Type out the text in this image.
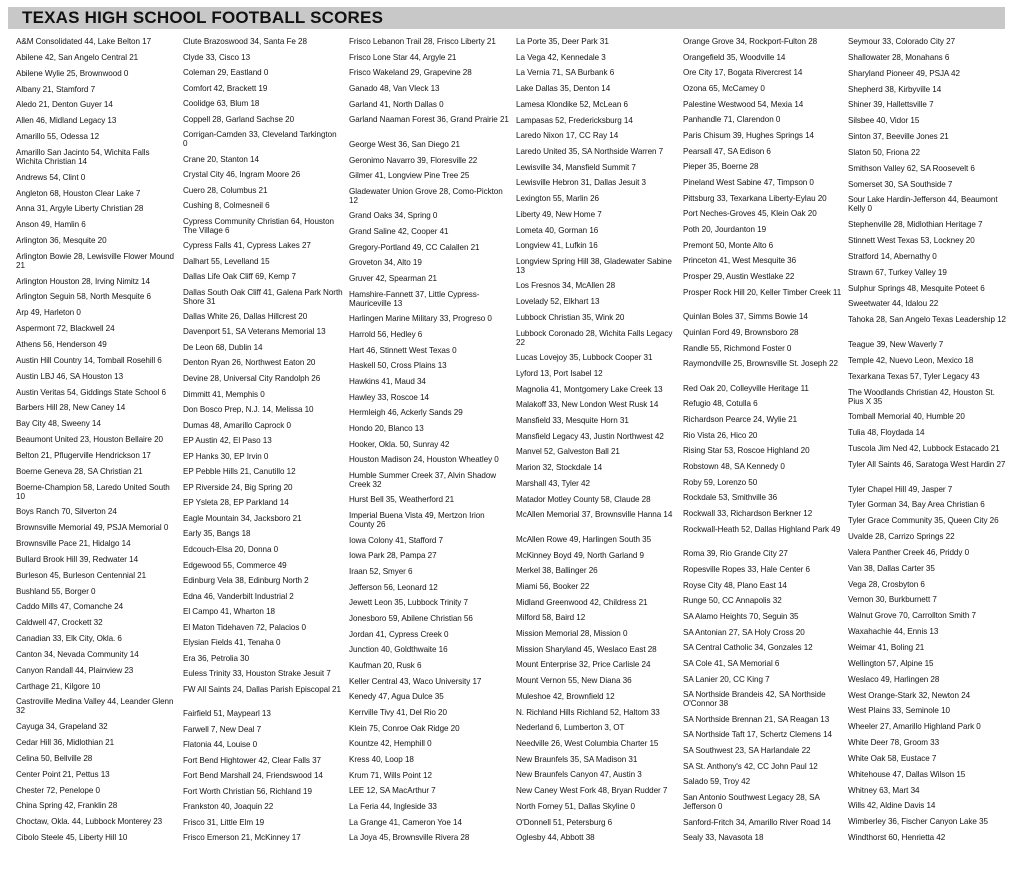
TEXAS HIGH SCHOOL FOOTBALL SCORES
A&M Consolidated 44, Lake Belton 17
Abilene 42, San Angelo Central 21
Abilene Wylie 25, Brownwood 0
Albany 21, Stamford 7
Aledo 21, Denton Guyer 14
Allen 46, Midland Legacy 13
Amarillo 55, Odessa 12
Amarillo San Jacinto 54, Wichita Falls Wichita Christian 14
Andrews 54, Clint 0
Angleton 68, Houston Clear Lake 7
Anna 31, Argyle Liberty Christian 28
Anson 49, Hamlin 6
Arlington 36, Mesquite 20
Arlington Bowie 28, Lewisville Flower Mound 21
Arlington Houston 28, Irving Nimitz 14
Arlington Seguin 58, North Mesquite 6
Arp 49, Harleton 0
Aspermont 72, Blackwell 24
Athens 56, Henderson 49
Austin Hill Country 14, Tomball Rosehill 6
Austin LBJ 46, SA Houston 13
Austin Veritas 54, Giddings State School 6
Barbers Hill 28, New Caney 14
Bay City 48, Sweeny 14
Beaumont United 23, Houston Bellaire 20
Belton 21, Pflugerville Hendrickson 17
Boerne Geneva 28, SA Christian 21
Boerne-Champion 58, Laredo United South 10
Boys Ranch 70, Silverton 24
Brownsville Memorial 49, PSJA Memorial 0
Brownsville Pace 21, Hidalgo 14
Bullard Brook Hill 39, Redwater 14
Burleson 45, Burleson Centennial 21
Bushland 55, Borger 0
Caddo Mills 47, Comanche 24
Caldwell 47, Crockett 32
Canadian 33, Elk City, Okla. 6
Canton 34, Nevada Community 14
Canyon Randall 44, Plainview 23
Carthage 21, Kilgore 10
Castroville Medina Valley 44, Leander Glenn 32
Cayuga 34, Grapeland 32
Cedar Hill 36, Midlothian 21
Celina 50, Bellville 28
Center Point 21, Pettus 13
Chester 72, Penelope 0
China Spring 42, Franklin 28
Choctaw, Okla. 44, Lubbock Monterey 23
Cibolo Steele 45, Liberty Hill 10
Clute Brazoswood 34, Santa Fe 28
Clyde 33, Cisco 13
Coleman 29, Eastland 0
Comfort 42, Brackett 19
Coolidge 63, Blum 18
Coppell 28, Garland Sachse 20
Corrigan-Camden 33, Cleveland Tarkington 0
Crane 20, Stanton 14
Crystal City 46, Ingram Moore 26
Cuero 28, Columbus 21
Cushing 8, Colmesneil 6
Cypress Community Christian 64, Houston The Village 6
Cypress Falls 41, Cypress Lakes 27
Dalhart 55, Levelland 15
Dallas Life Oak Cliff 69, Kemp 7
Dallas South Oak Cliff 41, Galena Park North Shore 31
Dallas White 26, Dallas Hillcrest 20
Davenport 51, SA Veterans Memorial 13
De Leon 68, Dublin 14
Denton Ryan 26, Northwest Eaton 20
Devine 28, Universal City Randolph 26
Dimmitt 41, Memphis 0
Don Bosco Prep, N.J. 14, Melissa 10
Dumas 48, Amarillo Caprock 0
EP Austin 42, El Paso 13
EP Hanks 30, EP Irvin 0
EP Pebble Hills 21, Canutillo 12
EP Riverside 24, Big Spring 20
EP Ysleta 28, EP Parkland 14
Eagle Mountain 34, Jacksboro 21
Early 35, Bangs 18
Edcouch-Elsa 20, Donna 0
Edgewood 55, Commerce 49
Edinburg Vela 38, Edinburg North 2
Edna 46, Vanderbilt Industrial 2
El Campo 41, Wharton 18
El Maton Tidehaven 72, Palacios 0
Elysian Fields 41, Tenaha 0
Era 36, Petrolia 30
Euless Trinity 33, Houston Strake Jesuit 7
FW All Saints 24, Dallas Parish Episcopal 21
Fairfield 51, Maypearl 13
Farwell 7, New Deal 7
Flatonia 44, Louise 0
Fort Bend Hightower 42, Clear Falls 37
Fort Bend Marshall 24, Friendswood 14
Fort Worth Christian 56, Richland 19
Frankston 40, Joaquin 22
Frisco 31, Little Elm 19
Frisco Emerson 21, McKinney 17
Frisco Lebanon Trail 28, Frisco Liberty 21
Frisco Lone Star 44, Argyle 21
Frisco Wakeland 29, Grapevine 28
Ganado 48, Van Vleck 13
Garland 41, North Dallas 0
Garland Naaman Forest 36, Grand Prairie 21
George West 36, San Diego 21
Geronimo Navarro 39, Floresville 22
Gilmer 41, Longview Pine Tree 25
Gladewater Union Grove 28, Como-Pickton 12
Grand Oaks 34, Spring 0
Grand Saline 42, Cooper 41
Gregory-Portland 49, CC Calallen 21
Groveton 34, Alto 19
Gruver 42, Spearman 21
Hamshire-Fannett 37, Little Cypress-Mauriceville 13
Harlingen Marine Military 33, Progreso 0
Harrold 56, Hedley 6
Hart 46, Stinnett West Texas 0
Haskell 50, Cross Plains 13
Hawkins 41, Maud 34
Hawley 33, Roscoe 14
Hermleigh 46, Ackerly Sands 29
Hondo 20, Blanco 13
Hooker, Okla. 50, Sunray 42
Houston Madison 24, Houston Wheatley 0
Humble Summer Creek 37, Alvin Shadow Creek 32
Hurst Bell 35, Weatherford 21
Imperial Buena Vista 49, Mertzon Irion County 26
Iowa Colony 41, Stafford 7
Iowa Park 28, Pampa 27
Iraan 52, Smyer 6
Jefferson 56, Leonard 12
Jewett Leon 35, Lubbock Trinity 7
Jonesboro 59, Abilene Christian 56
Jordan 41, Cypress Creek 0
Junction 40, Goldthwaite 16
Kaufman 20, Rusk 6
Keller Central 43, Waco University 17
Kenedy 47, Agua Dulce 35
Kerrville Tivy 41, Del Rio 20
Klein 75, Conroe Oak Ridge 20
Kountze 42, Hemphill 0
Kress 40, Loop 18
Krum 71, Wills Point 12
LEE 12, SA MacArthur 7
La Feria 44, Ingleside 33
La Grange 41, Cameron Yoe 14
La Joya 45, Brownsville Rivera 28
La Porte 35, Deer Park 31
La Vega 42, Kennedale 3
La Vernia 71, SA Burbank 6
Lake Dallas 35, Denton 14
Lamesa Klondike 52, McLean 6
Lampasas 52, Fredericksburg 14
Laredo Nixon 17, CC Ray 14
Laredo United 35, SA Northside Warren 7
Lewisville 34, Mansfield Summit 7
Lewisville Hebron 31, Dallas Jesuit 3
Lexington 55, Marlin 26
Liberty 49, New Home 7
Lometa 40, Gorman 16
Longview 41, Lufkin 16
Longview Spring Hill 38, Gladewater Sabine 13
Los Fresnos 34, McAllen 28
Lovelady 52, Elkhart 13
Lubbock Christian 35, Wink 20
Lubbock Coronado 28, Wichita Falls Legacy 22
Lucas Lovejoy 35, Lubbock Cooper 31
Lyford 13, Port Isabel 12
Magnolia 41, Montgomery Lake Creek 13
Malakoff 33, New London West Rusk 14
Mansfield 33, Mesquite Horn 31
Mansfield Legacy 43, Justin Northwest 42
Manvel 52, Galveston Ball 21
Marion 32, Stockdale 14
Marshall 43, Tyler 42
Matador Motley County 58, Claude 28
McAllen Memorial 37, Brownsville Hanna 14
McAllen Rowe 49, Harlingen South 35
McKinney Boyd 49, North Garland 9
Merkel 38, Ballinger 26
Miami 56, Booker 22
Midland Greenwood 42, Childress 21
Milford 58, Baird 12
Mission Memorial 28, Mission 0
Mission Sharyland 45, Weslaco East 28
Mount Enterprise 32, Price Carlisle 24
Mount Vernon 55, New Diana 36
Muleshoe 42, Brownfield 12
N. Richland Hills Richland 52, Haltom 33
Nederland 6, Lumberton 3, OT
Needville 26, West Columbia Charter 15
New Braunfels 35, SA Madison 31
New Braunfels Canyon 47, Austin 3
New Caney West Fork 48, Bryan Rudder 7
North Forney 51, Dallas Skyline 0
O'Donnell 51, Petersburg 6
Oglesby 44, Abbott 38
Orange Grove 34, Rockport-Fulton 28
Orangefield 35, Woodville 14
Ore City 17, Bogata Rivercrest 14
Ozona 65, McCamey 0
Palestine Westwood 54, Mexia 14
Panhandle 71, Clarendon 0
Paris Chisum 39, Hughes Springs 14
Pearsall 47, SA Edison 6
Pieper 35, Boerne 28
Pineland West Sabine 47, Timpson 0
Pittsburg 33, Texarkana Liberty-Eylau 20
Port Neches-Groves 45, Klein Oak 20
Poth 20, Jourdanton 19
Premont 50, Monte Alto 6
Princeton 41, West Mesquite 36
Prosper 29, Austin Westlake 22
Prosper Rock Hill 20, Keller Timber Creek 11
Quinlan Boles 37, Simms Bowie 14
Quinlan Ford 49, Brownsboro 28
Randle 55, Richmond Foster 0
Raymondville 25, Brownsville St. Joseph 22
Red Oak 20, Colleyville Heritage 11
Refugio 48, Cotulla 6
Richardson Pearce 24, Wylie 21
Rio Vista 26, Hico 20
Rising Star 53, Roscoe Highland 20
Robstown 48, SA Kennedy 0
Roby 59, Lorenzo 50
Rockdale 53, Smithville 36
Rockwall 33, Richardson Berkner 12
Rockwall-Heath 52, Dallas Highland Park 49
Roma 39, Rio Grande City 27
Ropesville Ropes 33, Hale Center 6
Royse City 48, Plano East 14
Runge 50, CC Annapolis 32
SA Alamo Heights 70, Seguin 35
SA Antonian 27, SA Holy Cross 20
SA Central Catholic 34, Gonzales 12
SA Cole 41, SA Memorial 6
SA Lanier 20, CC King 7
SA Northside Brandeis 42, SA Northside O'Connor 38
SA Northside Brennan 21, SA Reagan 13
SA Northside Taft 17, Schertz Clemens 14
SA Southwest 23, SA Harlandale 22
SA St. Anthony's 42, CC John Paul 12
Salado 59, Troy 42
San Antonio Southwest Legacy 28, SA Jefferson 0
Sanford-Fritch 34, Amarillo River Road 14
Sealy 33, Navasota 18
Seymour 33, Colorado City 27
Shallowater 28, Monahans 6
Sharyland Pioneer 49, PSJA 42
Shepherd 38, Kirbyville 14
Shiner 39, Hallettsville 7
Silsbee 40, Vidor 15
Sinton 37, Beeville Jones 21
Slaton 50, Friona 22
Smithson Valley 62, SA Roosevelt 6
Somerset 30, SA Southside 7
Sour Lake Hardin-Jefferson 44, Beaumont Kelly 0
Stephenville 28, Midlothian Heritage 7
Stinnett West Texas 53, Lockney 20
Stratford 14, Abernathy 0
Strawn 67, Turkey Valley 19
Sulphur Springs 48, Mesquite Poteet 6
Sweetwater 44, Idalou 22
Tahoka 28, San Angelo Texas Leadership 12
Teague 39, New Waverly 7
Temple 42, Nuevo Leon, Mexico 18
Texarkana Texas 57, Tyler Legacy 43
The Woodlands Christian 42, Houston St. Pius X 35
Tomball Memorial 40, Humble 20
Tulia 48, Floydada 14
Tuscola Jim Ned 42, Lubbock Estacado 21
Tyler All Saints 46, Saratoga West Hardin 27
Tyler Chapel Hill 49, Jasper 7
Tyler Gorman 34, Bay Area Christian 6
Tyler Grace Community 35, Queen City 26
Uvalde 28, Carrizo Springs 22
Valera Panther Creek 46, Priddy 0
Van 38, Dallas Carter 35
Vega 28, Crosbyton 6
Vernon 30, Burkburnett 7
Walnut Grove 70, Carrollton Smith 7
Waxahachie 44, Ennis 13
Weimar 41, Boling 21
Wellington 57, Alpine 15
Weslaco 49, Harlingen 28
West Orange-Stark 32, Newton 24
West Plains 33, Seminole 10
Wheeler 27, Amarillo Highland Park 0
White Deer 78, Groom 33
White Oak 58, Eustace 7
Whitehouse 47, Dallas Wilson 15
Whitney 63, Mart 34
Wills 42, Aldine Davis 14
Wimberley 36, Fischer Canyon Lake 35
Windthorst 60, Henrietta 42
